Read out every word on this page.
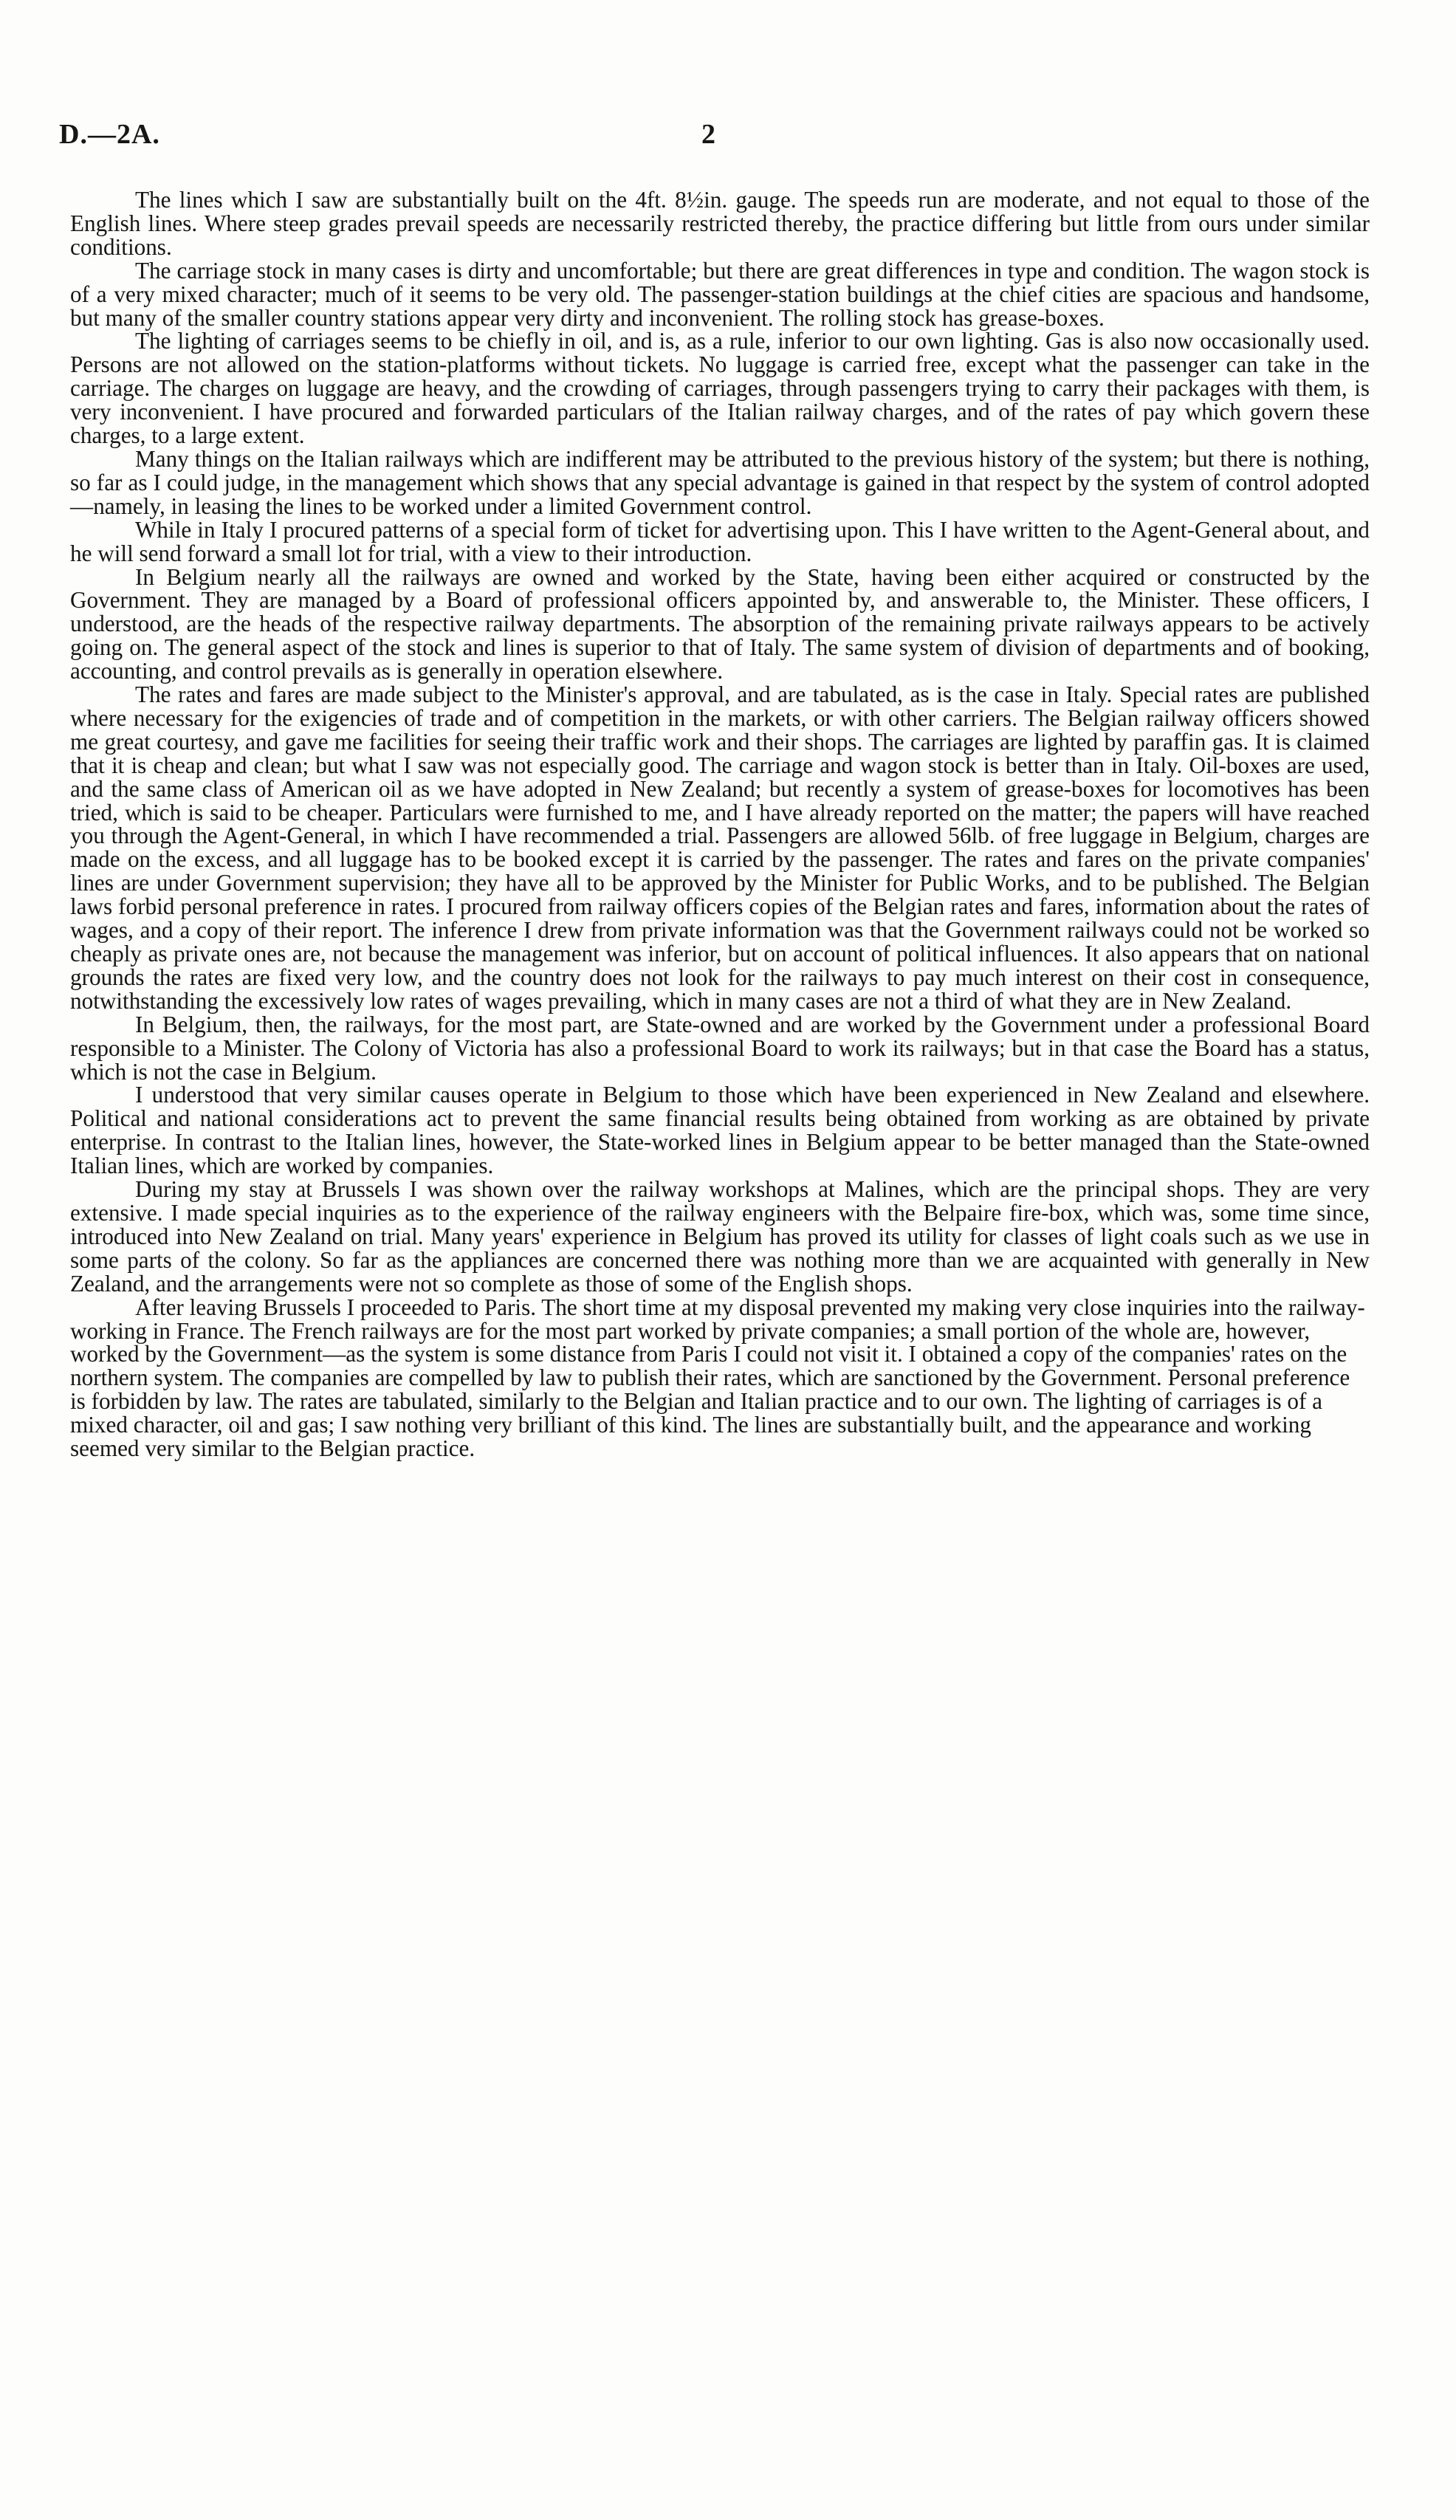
D.—2A.	2

The lines which I saw are substantially built on the 4ft. 8½in. gauge. The speeds run are moderate, and not equal to those of the English lines. Where steep grades prevail speeds are necessarily restricted thereby, the practice differing but little from ours under similar conditions.

The carriage stock in many cases is dirty and uncomfortable; but there are great differences in type and condition. The wagon stock is of a very mixed character; much of it seems to be very old. The passenger-station buildings at the chief cities are spacious and handsome, but many of the smaller country stations appear very dirty and inconvenient. The rolling stock has grease-boxes.

The lighting of carriages seems to be chiefly in oil, and is, as a rule, inferior to our own lighting. Gas is also now occasionally used. Persons are not allowed on the station-platforms without tickets. No luggage is carried free, except what the passenger can take in the carriage. The charges on luggage are heavy, and the crowding of carriages, through passengers trying to carry their packages with them, is very inconvenient. I have procured and forwarded particulars of the Italian railway charges, and of the rates of pay which govern these charges, to a large extent.

Many things on the Italian railways which are indifferent may be attributed to the previous history of the system; but there is nothing, so far as I could judge, in the management which shows that any special advantage is gained in that respect by the system of control adopted—namely, in leasing the lines to be worked under a limited Government control.

While in Italy I procured patterns of a special form of ticket for advertising upon. This I have written to the Agent-General about, and he will send forward a small lot for trial, with a view to their introduction.

In Belgium nearly all the railways are owned and worked by the State, having been either acquired or constructed by the Government. They are managed by a Board of professional officers appointed by, and answerable to, the Minister. These officers, I understood, are the heads of the respective railway departments. The absorption of the remaining private railways appears to be actively going on. The general aspect of the stock and lines is superior to that of Italy. The same system of division of departments and of booking, accounting, and control prevails as is generally in operation elsewhere.

The rates and fares are made subject to the Minister's approval, and are tabulated, as is the case in Italy. Special rates are published where necessary for the exigencies of trade and of competition in the markets, or with other carriers. The Belgian railway officers showed me great courtesy, and gave me facilities for seeing their traffic work and their shops. The carriages are lighted by paraffin gas. It is claimed that it is cheap and clean; but what I saw was not especially good. The carriage and wagon stock is better than in Italy. Oil-boxes are used, and the same class of American oil as we have adopted in New Zealand; but recently a system of grease-boxes for locomotives has been tried, which is said to be cheaper. Particulars were furnished to me, and I have already reported on the matter; the papers will have reached you through the Agent-General, in which I have recommended a trial. Passengers are allowed 56lb. of free luggage in Belgium, charges are made on the excess, and all luggage has to be booked except it is carried by the passenger. The rates and fares on the private companies' lines are under Government supervision; they have all to be approved by the Minister for Public Works, and to be published. The Belgian laws forbid personal preference in rates. I procured from railway officers copies of the Belgian rates and fares, information about the rates of wages, and a copy of their report. The inference I drew from private information was that the Government railways could not be worked so cheaply as private ones are, not because the management was inferior, but on account of political influences. It also appears that on national grounds the rates are fixed very low, and the country does not look for the railways to pay much interest on their cost in consequence, notwithstanding the excessively low rates of wages prevailing, which in many cases are not a third of what they are in New Zealand.

In Belgium, then, the railways, for the most part, are State-owned and are worked by the Government under a professional Board responsible to a Minister. The Colony of Victoria has also a professional Board to work its railways; but in that case the Board has a status, which is not the case in Belgium.

I understood that very similar causes operate in Belgium to those which have been experienced in New Zealand and elsewhere. Political and national considerations act to prevent the same financial results being obtained from working as are obtained by private enterprise. In contrast to the Italian lines, however, the State-worked lines in Belgium appear to be better managed than the State-owned Italian lines, which are worked by companies.

During my stay at Brussels I was shown over the railway workshops at Malines, which are the principal shops. They are very extensive. I made special inquiries as to the experience of the railway engineers with the Belpaire fire-box, which was, some time since, introduced into New Zealand on trial. Many years' experience in Belgium has proved its utility for classes of light coals such as we use in some parts of the colony. So far as the appliances are concerned there was nothing more than we are acquainted with generally in New Zealand, and the arrangements were not so complete as those of some of the English shops.

After leaving Brussels I proceeded to Paris. The short time at my disposal prevented my making very close inquiries into the railway-working in France. The French railways are for the most part worked by private companies; a small portion of the whole are, however, worked by the Government—as the system is some distance from Paris I could not visit it. I obtained a copy of the companies' rates on the northern system. The companies are compelled by law to publish their rates, which are sanctioned by the Government. Personal preference is forbidden by law. The rates are tabulated, similarly to the Belgian and Italian practice and to our own. The lighting of carriages is of a mixed character, oil and gas; I saw nothing very brilliant of this kind. The lines are substantially built, and the appearance and working seemed very similar to the Belgian practice.
